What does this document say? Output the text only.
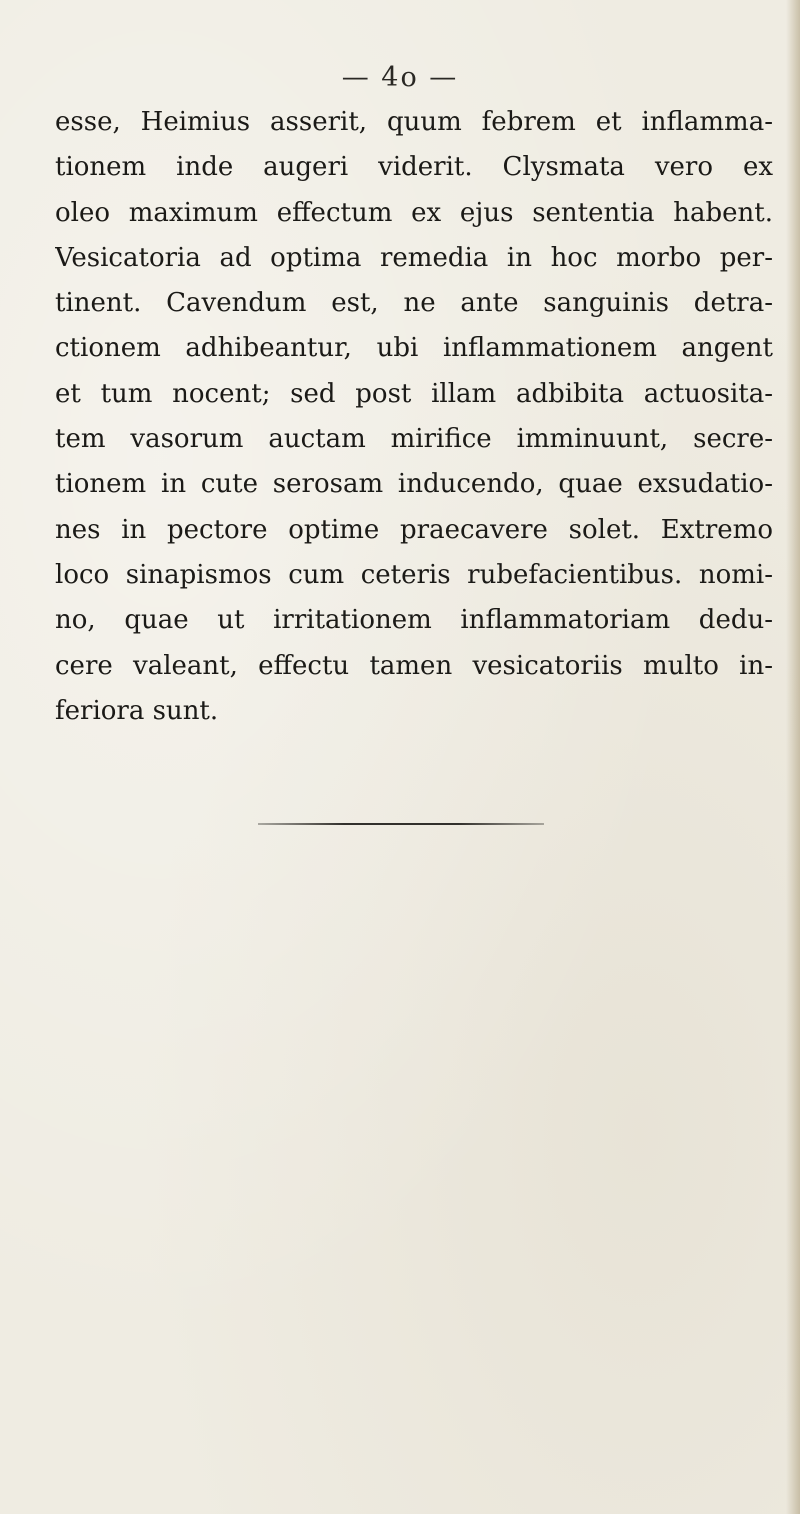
— 4o —
esse, Heimius asserit, quum febrem et inflamma-
tionem inde augeri viderit. Clysmata vero ex
oleo maximum effectum ex ejus sententia habent.
Vesicatoria ad optima remedia in hoc morbo per-
tinent. Cavendum est, ne ante sanguinis detra-
ctionem adhibeantur, ubi inflammationem angent
et tum nocent; sed post illam adbibita actuosita-
tem vasorum auctam mirifice imminuunt, secre-
tionem in cute serosam inducendo, quae exsudatio-
nes in pectore optime praecavere solet. Extremo
loco sinapismos cum ceteris rubefacientibus. nomi-
no, quae ut irritationem inflammatoriam dedu-
cere valeant, effectu tamen vesicatoriis multo in-
feriora sunt.
